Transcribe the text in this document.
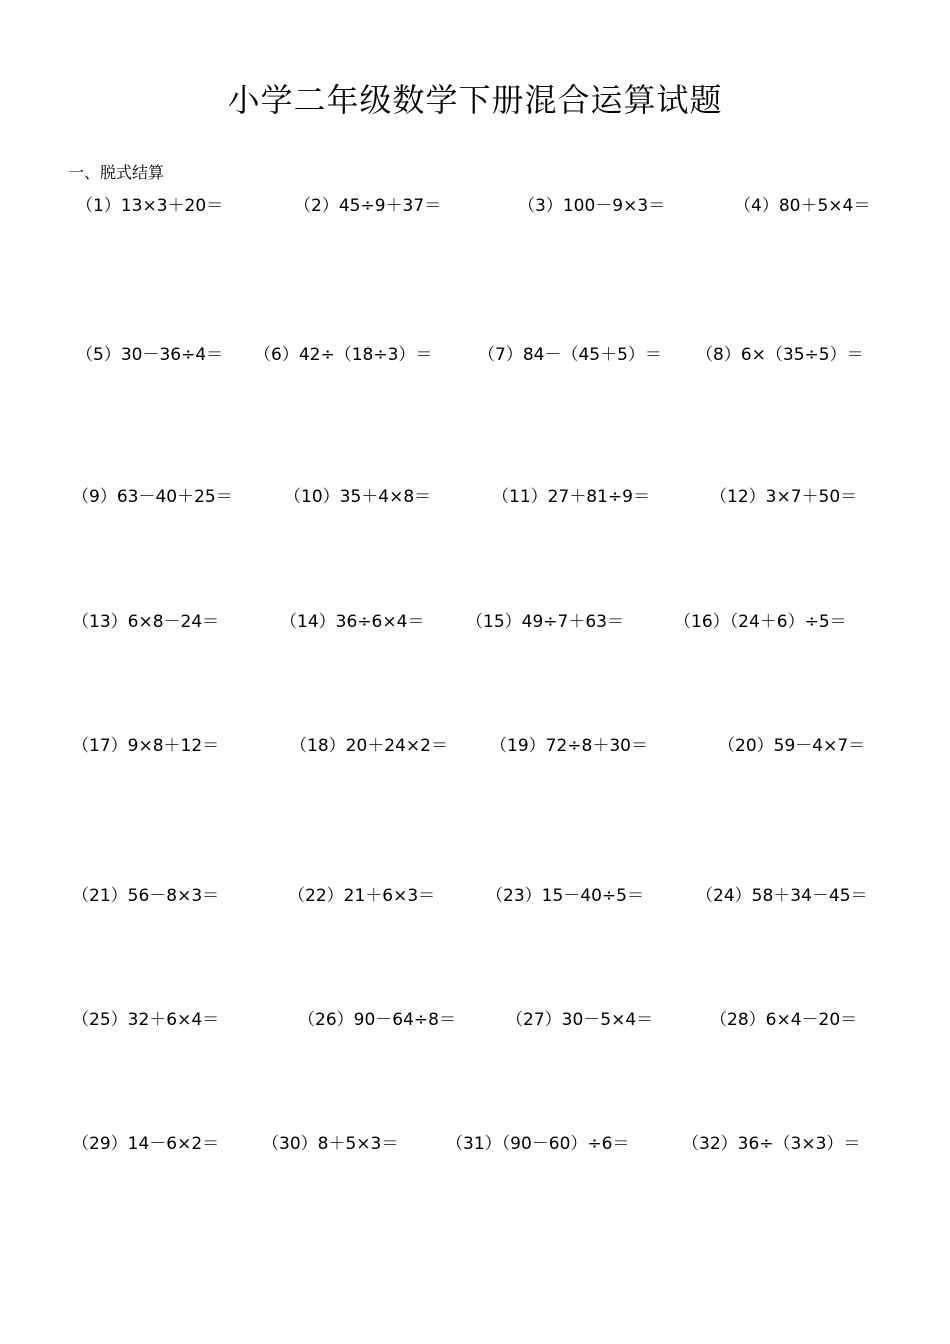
小学二年级数学下册混合运算试题
一、脱式结算
（1）13×3＋20＝	（2）45÷9＋37＝	（3）100－9×3＝	（4）80＋5×4＝
（5）30－36÷4＝ （6）42÷（18÷3）＝	（7）84－（45＋5）＝ （8）6×（35÷5）＝
（9）63－40＋25＝	（10）35＋4×8＝	（11）27＋81÷9＝	（12）3×7＋50＝
（13）6×8－24＝	（14）36÷6×4＝ （15）49÷7＋63＝	（16）（24＋6）÷5＝
（17）9×8＋12＝	（18）20＋24×2＝ （19）72÷8＋30＝	（20）59－4×7＝
（21）56－8×3＝	（22）21＋6×3＝	（23）15－40÷5＝	（24）58＋34－45＝
（25）32＋6×4＝	（26）90－64÷8＝	（27）30－5×4＝	（28）6×4－20＝
（29）14－6×2＝	（30）8＋5×3＝	（31）（90－60）÷6＝	（32）36÷（3×3）＝
